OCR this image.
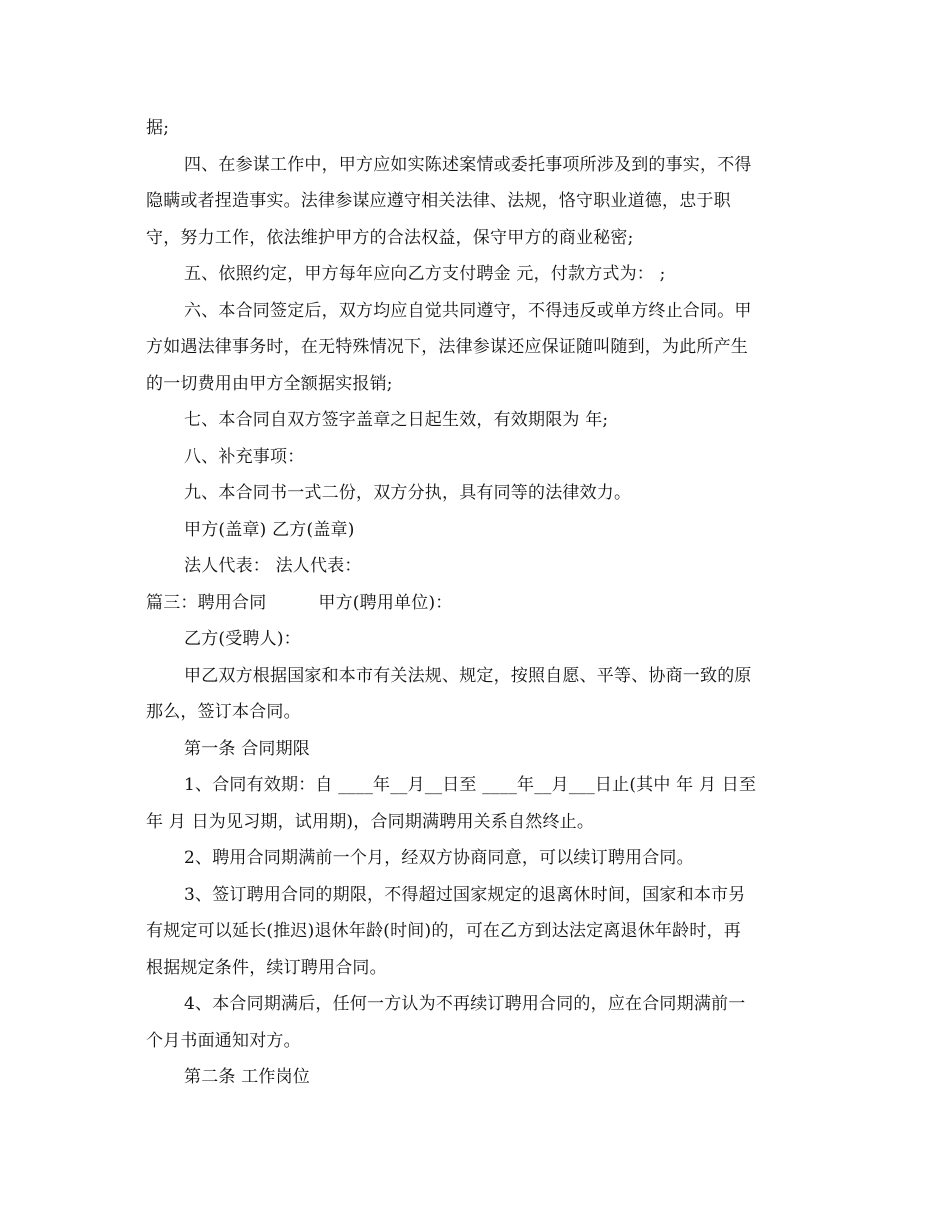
据;
四、在参谋工作中，甲方应如实陈述案情或委托事项所涉及到的事实，不得
隐瞒或者捏造事实。法律参谋应遵守相关法律、法规，恪守职业道德，忠于职
守，努力工作，依法维护甲方的合法权益，保守甲方的商业秘密;
五、依照约定，甲方每年应向乙方支付聘金 元，付款方式为： ;
六、本合同签定后，双方均应自觉共同遵守，不得违反或单方终止合同。甲
方如遇法律事务时，在无特殊情况下，法律参谋还应保证随叫随到，为此所产生
的一切费用由甲方全额据实报销;
七、本合同自双方签字盖章之日起生效，有效期限为 年;
八、补充事项：
九、本合同书一式二份，双方分执，具有同等的法律效力。
甲方(盖章) 乙方(盖章)
法人代表： 法人代表：
篇三：聘用合同	甲方(聘用单位)：
乙方(受聘人)：
甲乙双方根据国家和本市有关法规、规定，按照自愿、平等、协商一致的原
那么，签订本合同。
第一条 合同期限
1、合同有效期：自 ____年__月__日至 ____年__月___日止(其中 年 月 日至
年 月 日为见习期，试用期)，合同期满聘用关系自然终止。
2、聘用合同期满前一个月，经双方协商同意，可以续订聘用合同。
3、签订聘用合同的期限，不得超过国家规定的退离休时间，国家和本市另
有规定可以延长(推迟)退休年龄(时间)的，可在乙方到达法定离退休年龄时，再
根据规定条件，续订聘用合同。
4、本合同期满后，任何一方认为不再续订聘用合同的，应在合同期满前一
个月书面通知对方。
第二条 工作岗位
